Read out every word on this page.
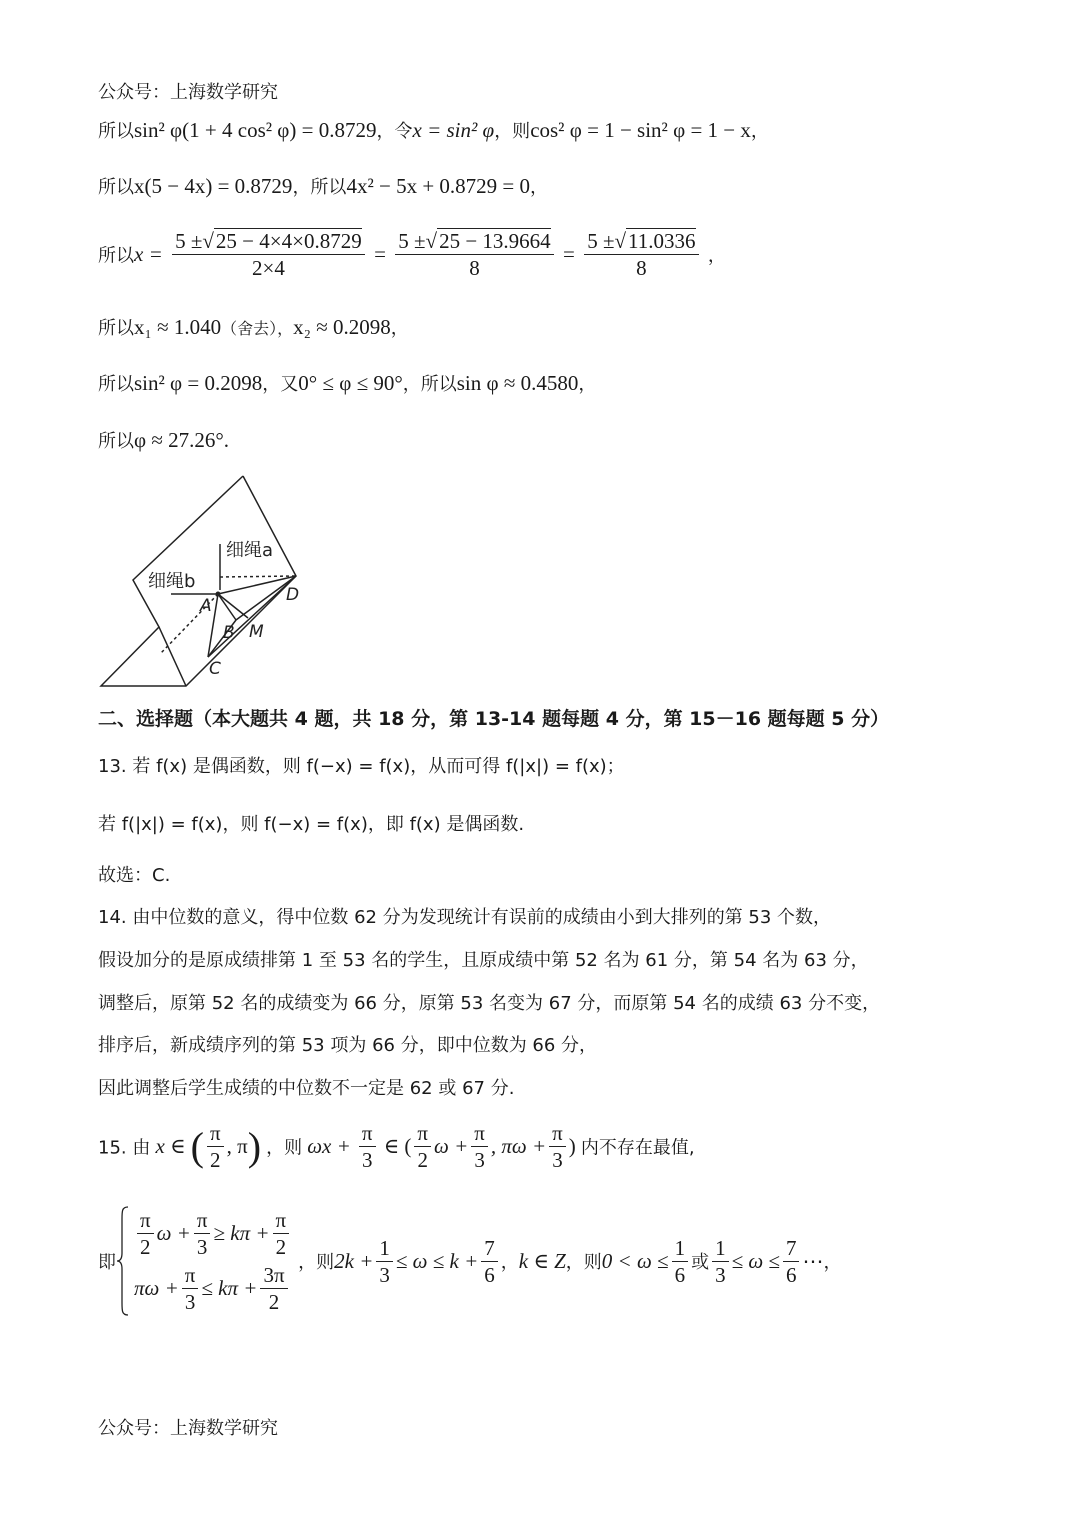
公众号：上海数学研究
所以sin² φ(1 + 4 cos² φ) = 0.8729，令x = sin² φ，则cos² φ = 1 − sin² φ = 1 − x，
所以x(5 − 4x) = 0.8729，所以4x² − 5x + 0.8729 = 0，
所以$x = \frac{5 \pm√25 - 4\times 4\times 0.8729}{2\times 4} = \frac{5 \pm√25 - 13.9664}{8} = \frac{5 \pm√11.0336}{8}$ ，
所以x₁ ≈ 1.040（舍去），x₂ ≈ 0.2098，
所以sin² φ = 0.2098，又0° ≤ φ ≤ 90°，所以sin φ ≈ 0.4580，
所以φ ≈ 27.26°.
细绳a
细绳b
A
B
C
D
M
二、选择题（本大题共 4 题，共 18 分，第 13-14 题每题 4 分，第 15－16 题每题 5 分）
13. 若 f(x) 是偶函数，则 f(−x) = f(x)，从而可得 f(|x|) = f(x)；
若 f(|x|) = f(x)，则 f(−x) = f(x)，即 f(x) 是偶函数.
故选：C.
14. 由中位数的意义，得中位数 62 分为发现统计有误前的成绩由小到大排列的第 53 个数，
假设加分的是原成绩排第 1 至 53 名的学生，且原成绩中第 52 名为 61 分，第 54 名为 63 分，
调整后，原第 52 名的成绩变为 66 分，原第 53 名变为 67 分，而原第 54 名的成绩 63 分不变，
排序后，新成绩序列的第 53 项为 66 分，即中位数为 66 分，
因此调整后学生成绩的中位数不一定是 62 或 67 分.
15. 由 x ∈ ( $\frac{\pi}{2}$ , π) ，则 $\omega x + \frac{\pi}{3}$ ∈ ( $\frac{\pi}{2}$ $\omega + \frac{\pi}{3}$ , $\pi\omega + \frac{\pi}{3}$ ) 内不存在最值,
即
$\frac{\pi}{2}$ $\omega + \frac{\pi}{3} \ge k\pi + \frac{\pi}{2}$
$\pi\omega + \frac{\pi}{3} \le k\pi + \frac{3\pi}{2}$ ，则 $2k + \frac{1}{3} \le \omega \le k + \frac{7}{6}$ ， k ∈ Z ，则 $0 < \omega \le \frac{1}{6}$ 或 $\frac{1}{3} \le \omega \le \frac{7}{6}$ ⋯ ，
公众号：上海数学研究
